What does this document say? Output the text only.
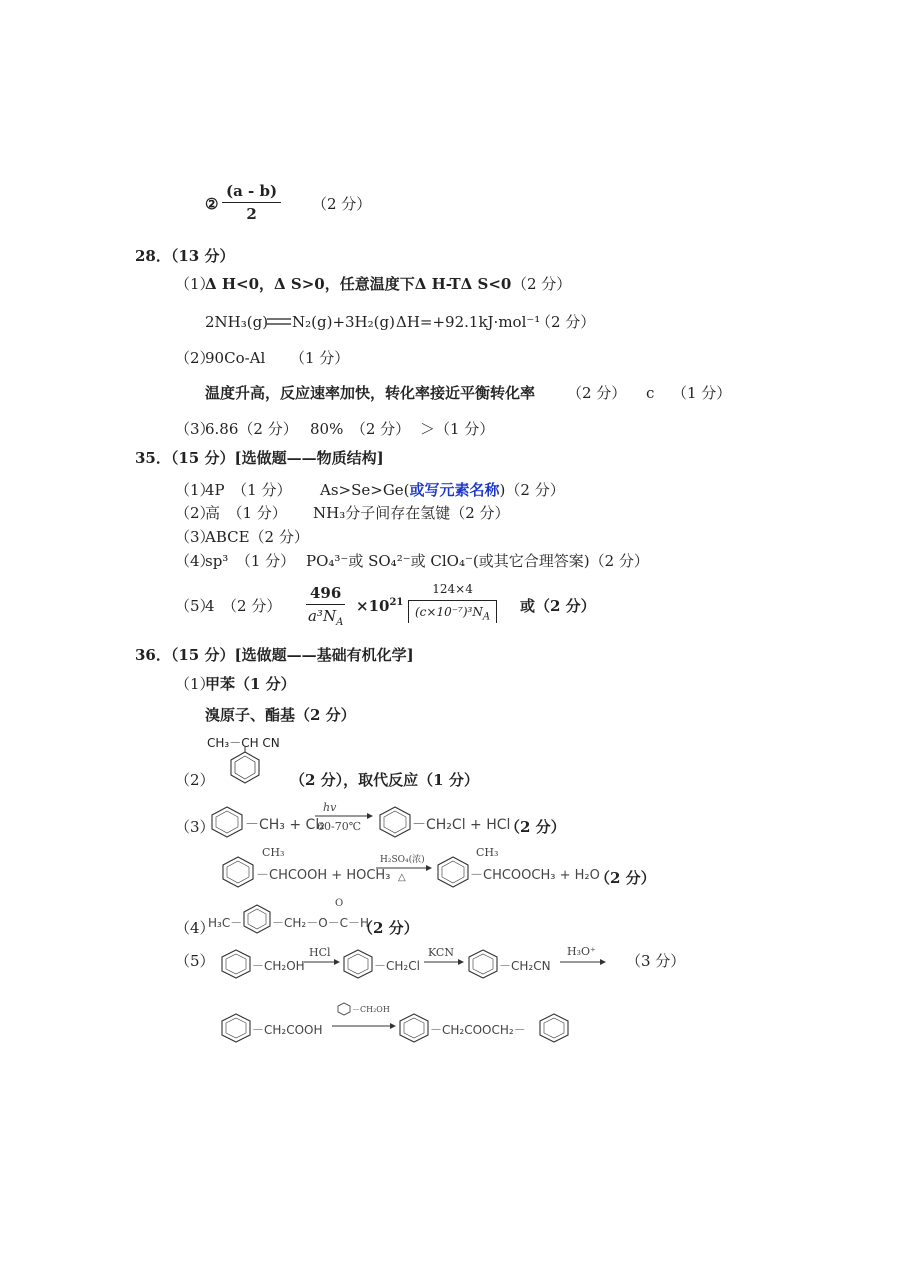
② $\frac{(a - b)}{2} (2$ 分）
28．（13 分）
（1）
Δ H<0，Δ S>0，任意温度下Δ H-TΔ S<0 （2 分）
2NH₃(g) N₂(g)+3H₂(g) ΔH=+92.1kJ·mol⁻¹
（2 分）
（2）
90Co-Al （1 分）
温度升高，反应速率加快，转化率接近平衡转化率 （2 分） c （1 分）
（3）
6.86（2 分） 80%　（2 分） ＞（1 分）
35．（15 分）[选做题——物质结构]
（1）
4P　（1 分） As>Se>Ge(或写元素名称)（2 分）
（2）
高　（1 分） NH₃分子间存在氢键（2 分）
（3）
ABCE（2 分）
（4）
sp³　（1 分） PO₄³⁻或 SO₄²⁻或 ClO₄⁻(或其它合理答案)（2 分）
（5）
4　（2 分） $\frac{496}{a^3N_A} \times 10^{21} \frac{124\times 4}{(c\times 10^{-7})^3N_A}$ 或（2 分）
36．（15 分）[选做题——基础有机化学]
（1）
甲苯（1 分）
溴原子、酯基（2 分）
CH₃－CH CN
（2）	（2 分），取代反应（1 分）
（3） －CH₃ + Cl₂
hv
60-70℃	－CH₂Cl + HCl
（2 分）
CH₃
－CHCOOH + HOCH₃
H₂SO₄(浓)
△
CH₃
－CHCOOCH₃ + H₂O
（2 分）
（4）
H₃C－
O
－CH₂－O－C－H
（2 分）
（5）	－CH₂OH
HCl
－CH₂Cl
KCN
－CH₂CN
H₃O⁺
→ （3 分）
－CH₂COOH
－CH₂OH
－CH₂COOCH₂－
